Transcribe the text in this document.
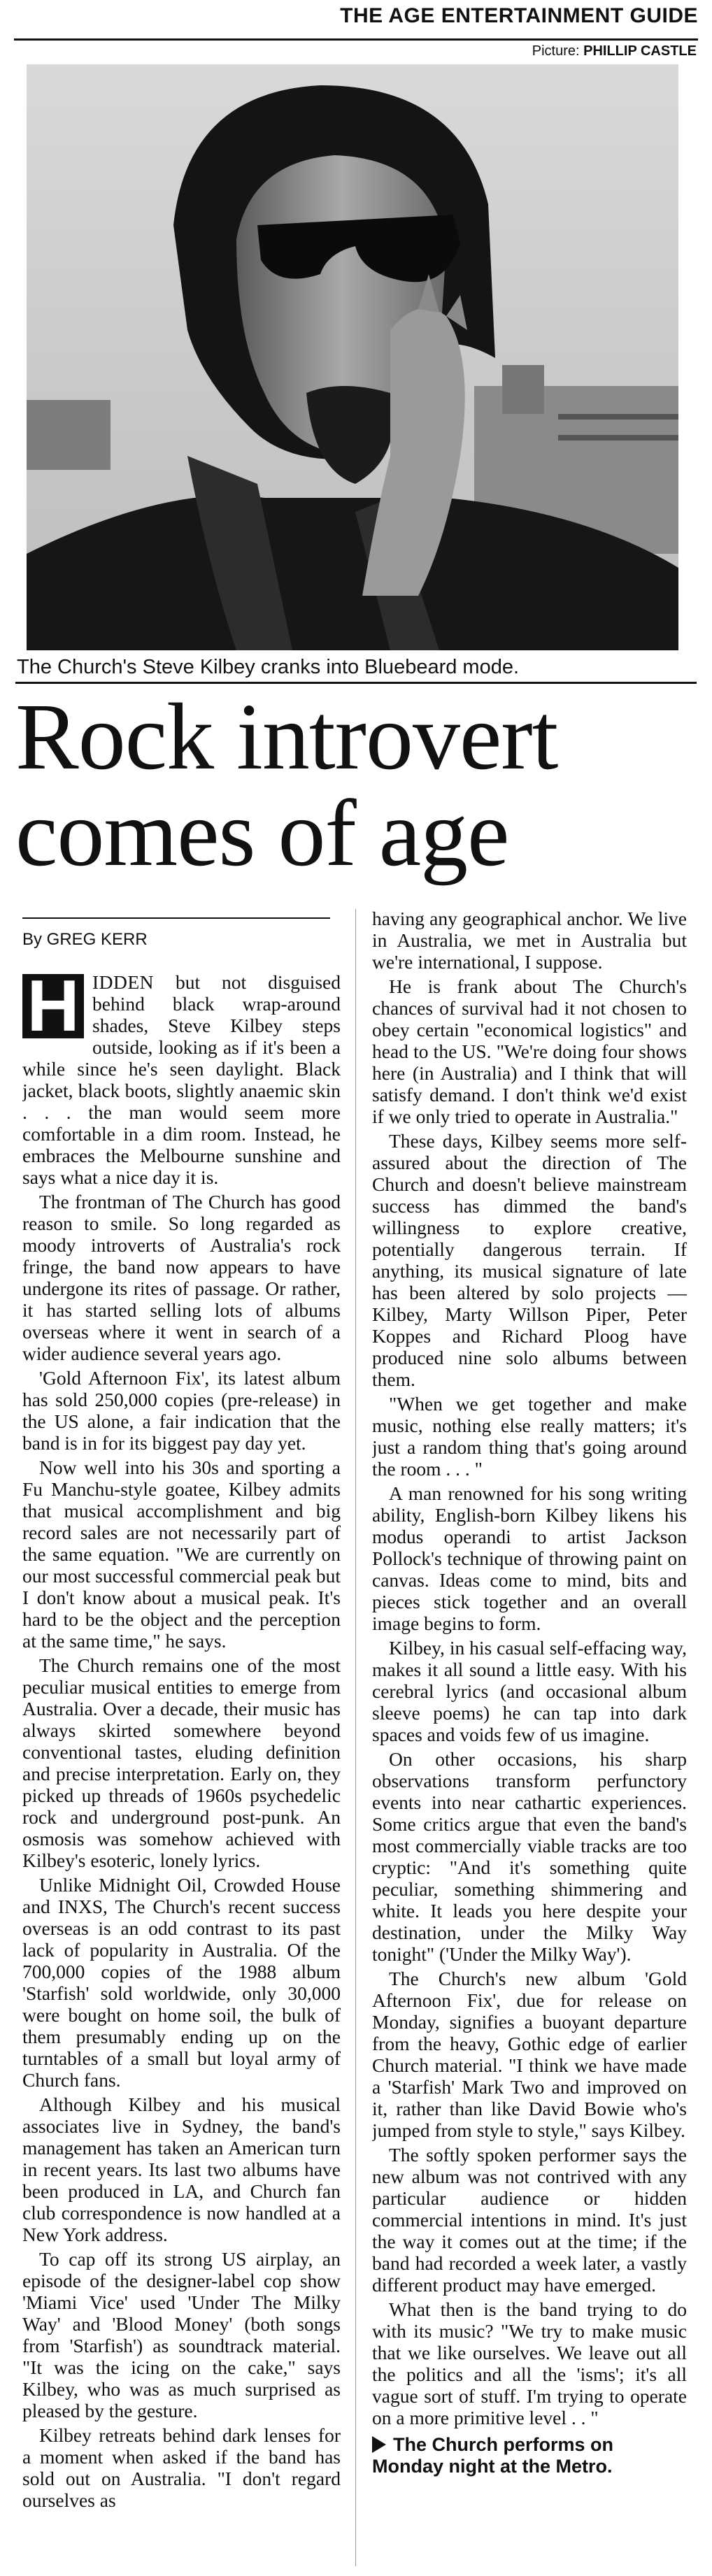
THE AGE ENTERTAINMENT GUIDE
Picture: PHILLIP CASTLE
The Church's Steve Kilbey cranks into Bluebeard mode.
Rock introvert
comes of age
By GREG KERR

H IDDEN but not disguised behind black wrap-around shades, Steve Kilbey steps outside, looking as if it's been a while since he's seen daylight. Black jacket, black boots, slightly anaemic skin . . . the man would seem more comfortable in a dim room. Instead, he embraces the Melbourne sunshine and says what a nice day it is.

The frontman of The Church has good reason to smile. So long regarded as moody introverts of Australia's rock fringe, the band now appears to have undergone its rites of passage. Or rather, it has started selling lots of albums overseas where it went in search of a wider audience several years ago.

'Gold Afternoon Fix', its latest album has sold 250,000 copies (pre-release) in the US alone, a fair indication that the band is in for its biggest pay day yet.

Now well into his 30s and sporting a Fu Manchu-style goatee, Kilbey admits that musical accomplishment and big record sales are not necessarily part of the same equation. "We are currently on our most successful commercial peak but I don't know about a musical peak. It's hard to be the object and the perception at the same time," he says.

The Church remains one of the most peculiar musical entities to emerge from Australia. Over a decade, their music has always skirted somewhere beyond conventional tastes, eluding definition and precise interpretation. Early on, they picked up threads of 1960s psychedelic rock and underground post-punk. An osmosis was somehow achieved with Kilbey's esoteric, lonely lyrics.

Unlike Midnight Oil, Crowded House and INXS, The Church's recent success overseas is an odd contrast to its past lack of popularity in Australia. Of the 700,000 copies of the 1988 album 'Starfish' sold worldwide, only 30,000 were bought on home soil, the bulk of them presumably ending up on the turntables of a small but loyal army of Church fans.

Although Kilbey and his musical associates live in Sydney, the band's management has taken an American turn in recent years. Its last two albums have been produced in LA, and Church fan club correspondence is now handled at a New York address.

To cap off its strong US airplay, an episode of the designer-label cop show 'Miami Vice' used 'Under The Milky Way' and 'Blood Money' (both songs from 'Starfish') as soundtrack material. "It was the icing on the cake," says Kilbey, who was as much surprised as pleased by the gesture.

Kilbey retreats behind dark lenses for a moment when asked if the band has sold out on Australia. "I don't regard ourselves as

having any geographical anchor. We live in Australia, we met in Australia but we're international, I suppose.

He is frank about The Church's chances of survival had it not chosen to obey certain "economical logistics" and head to the US. "We're doing four shows here (in Australia) and I think that will satisfy demand. I don't think we'd exist if we only tried to operate in Australia."

These days, Kilbey seems more self-assured about the direction of The Church and doesn't believe mainstream success has dimmed the band's willingness to explore creative, potentially dangerous terrain. If anything, its musical signature of late has been altered by solo projects — Kilbey, Marty Willson Piper, Peter Koppes and Richard Ploog have produced nine solo albums between them.

"When we get together and make music, nothing else really matters; it's just a random thing that's going around the room . . . "

A man renowned for his song writing ability, English-born Kilbey likens his modus operandi to artist Jackson Pollock's technique of throwing paint on canvas. Ideas come to mind, bits and pieces stick together and an overall image begins to form.

Kilbey, in his casual self-effacing way, makes it all sound a little easy. With his cerebral lyrics (and occasional album sleeve poems) he can tap into dark spaces and voids few of us imagine.

On other occasions, his sharp observations transform perfunctory events into near cathartic experiences. Some critics argue that even the band's most commercially viable tracks are too cryptic: "And it's something quite peculiar, something shimmering and white. It leads you here despite your destination, under the Milky Way tonight" ('Under the Milky Way').

The Church's new album 'Gold Afternoon Fix', due for release on Monday, signifies a buoyant departure from the heavy, Gothic edge of earlier Church material. "I think we have made a 'Starfish' Mark Two and improved on it, rather than like David Bowie who's jumped from style to style," says Kilbey.

The softly spoken performer says the new album was not contrived with any particular audience or hidden commercial intentions in mind. It's just the way it comes out at the time; if the band had recorded a week later, a vastly different product may have emerged.

What then is the band trying to do with its music? "We try to make music that we like ourselves. We leave out all the politics and all the 'isms'; it's all vague sort of stuff. I'm trying to operate on a more primitive level . . "

The Church performs on Monday night at the Metro.
